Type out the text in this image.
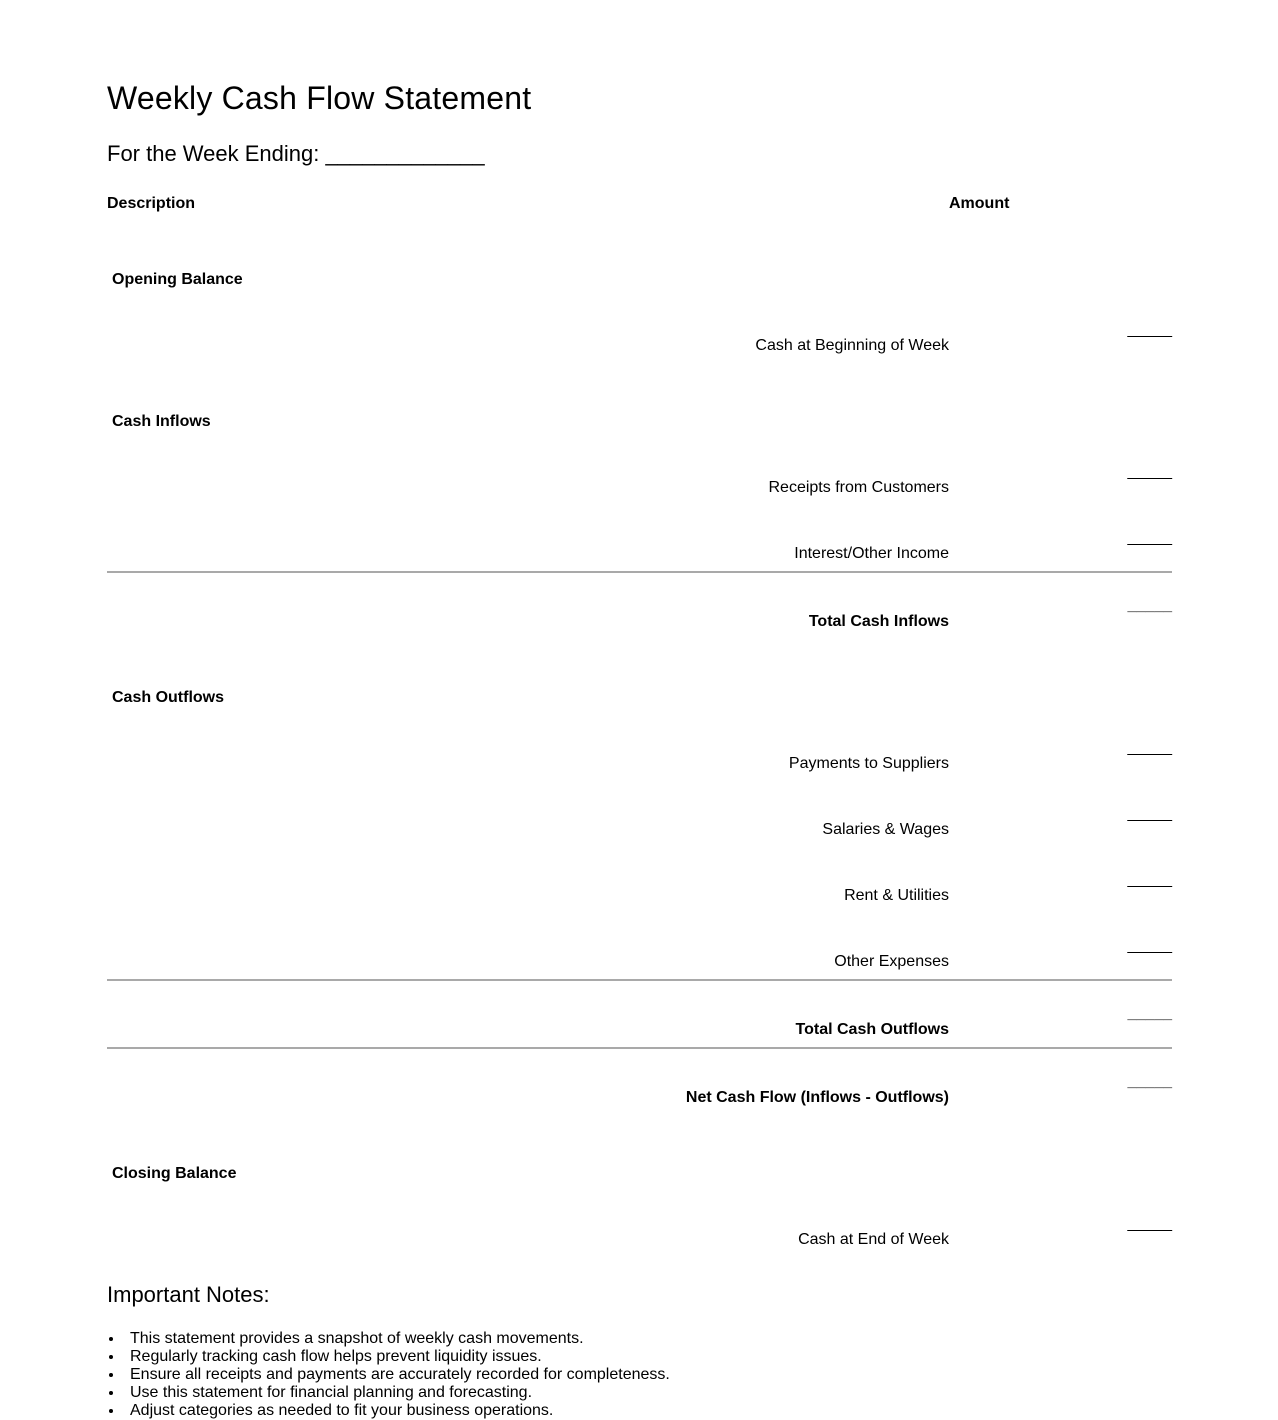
Weekly Cash Flow Statement
For the Week Ending: _____________
Description	Amount
Opening Balance	

Cash at Beginning of Week	_____

Cash Inflows	

Receipts from Customers	_____

Interest/Other Income	_____

Total Cash Inflows	_____

Cash Outflows	

Payments to Suppliers	_____

Salaries & Wages	_____

Rent & Utilities	_____

Other Expenses	_____

Total Cash Outflows	_____

Net Cash Flow (Inflows - Outflows)	_____

Closing Balance	

Cash at End of Week	_____

Important Notes:
• This statement provides a snapshot of weekly cash movements.
• Regularly tracking cash flow helps prevent liquidity issues.
• Ensure all receipts and payments are accurately recorded for completeness.
• Use this statement for financial planning and forecasting.
• Adjust categories as needed to fit your business operations.
